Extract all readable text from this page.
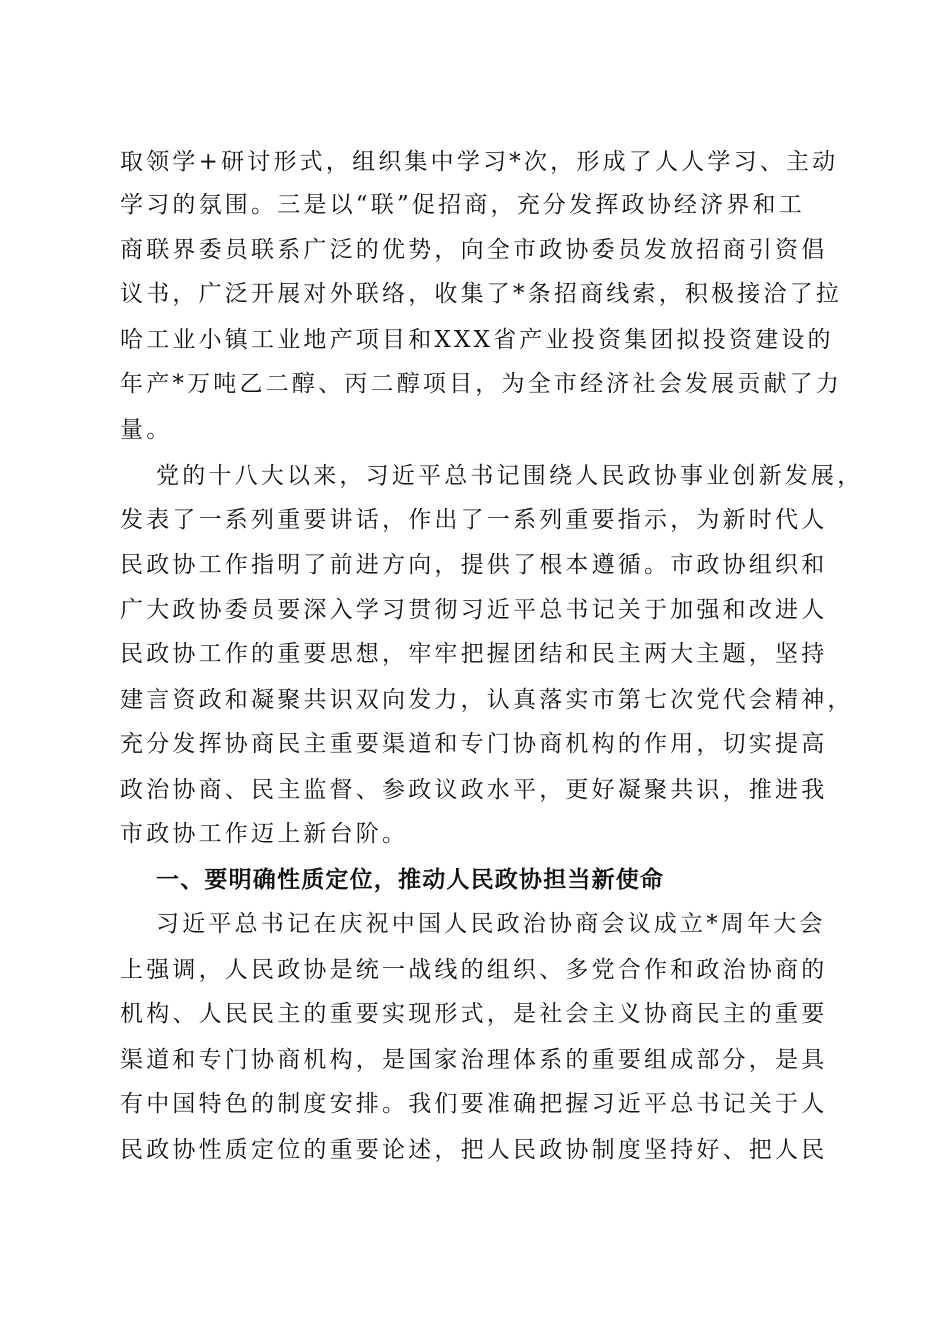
取领学+研讨形式，组织集中学习*次，形成了人人学习、主动
学习的氛围。三是以“联”促招商，充分发挥政协经济界和工
商联界委员联系广泛的优势，向全市政协委员发放招商引资倡
议书，广泛开展对外联络，收集了*条招商线索，积极接洽了拉
哈工业小镇工业地产项目和XXX省产业投资集团拟投资建设的
年产*万吨乙二醇、丙二醇项目，为全市经济社会发展贡献了力
量。
党的十八大以来，习近平总书记围绕人民政协事业创新发展，
发表了一系列重要讲话，作出了一系列重要指示，为新时代人
民政协工作指明了前进方向，提供了根本遵循。市政协组织和
广大政协委员要深入学习贯彻习近平总书记关于加强和改进人
民政协工作的重要思想，牢牢把握团结和民主两大主题，坚持
建言资政和凝聚共识双向发力，认真落实市第七次党代会精神，
充分发挥协商民主重要渠道和专门协商机构的作用，切实提高
政治协商、民主监督、参政议政水平，更好凝聚共识，推进我
市政协工作迈上新台阶。
一、要明确性质定位，推动人民政协担当新使命
习近平总书记在庆祝中国人民政治协商会议成立*周年大会
上强调，人民政协是统一战线的组织、多党合作和政治协商的
机构、人民民主的重要实现形式，是社会主义协商民主的重要
渠道和专门协商机构，是国家治理体系的重要组成部分，是具
有中国特色的制度安排。我们要准确把握习近平总书记关于人
民政协性质定位的重要论述，把人民政协制度坚持好、把人民
